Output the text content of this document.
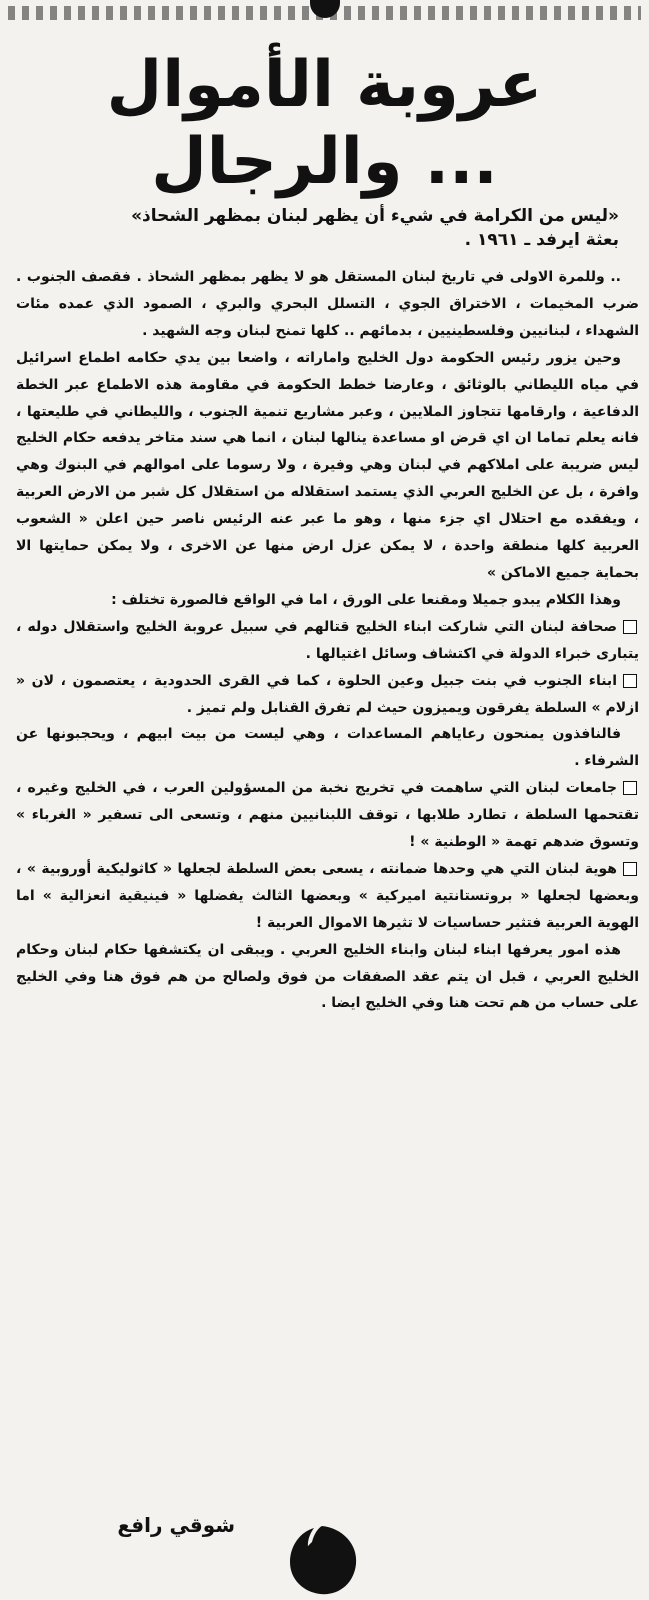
عروبة الأموال
... والرجال
«ليس من الكرامة في شيء أن يظهر لبنان بمظهر الشحاذ»
بعثة ايرفد ـ ١٩٦١ .

.. وللمرة الاولى في تاريخ لبنان المستقل هو لا يظهر بمظهر الشحاذ . فقصف الجنوب . ضرب المخيمات ، الاختراق الجوي ، التسلل البحري والبري ، الصمود الذي عمده مئات الشهداء ، لبنانيين وفلسطينيين ، بدمائهم .. كلها تمنح لبنان وجه الشهيد .

وحين يزور رئيس الحكومة دول الخليج واماراته ، واضعا بين يدي حكامه اطماع اسرائيل في مياه الليطاني بالوثائق ، وعارضا خطط الحكومة في مقاومة هذه الاطماع عبر الخطة الدفاعية ، وارقامها تتجاوز الملايين ، وعبر مشاريع تنمية الجنوب ، والليطاني في طليعتها ، فانه يعلم تماما ان اي قرض او مساعدة ينالها لبنان ، انما هي سند متاخر يدفعه حكام الخليج ليس ضريبة على املاكهم في لبنان وهي وفيرة ، ولا رسوما على اموالهم في البنوك وهي وافرة ، بل عن الخليج العربي الذي يستمد استقلاله من استقلال كل شبر من الارض العربية ، ويفقده مع احتلال اي جزء منها ، وهو ما عبر عنه الرئيس ناصر حين اعلن « الشعوب العربية كلها منطقة واحدة ، لا يمكن عزل ارض منها عن الاخرى ، ولا يمكن حمايتها الا بحماية جميع الاماكن »

وهذا الكلام يبدو جميلا ومقنعا على الورق ، اما في الواقع فالصورة تختلف :

صحافة لبنان التي شاركت ابناء الخليج قتالهم في سبيل عروبة الخليج واستقلال دوله ، يتبارى خبراء الدولة في اكتشاف وسائل اغتيالها .

ابناء الجنوب في بنت جبيل وعين الحلوة ، كما في القرى الحدودية ، يعتصمون ، لان « ازلام » السلطة يفرقون ويميزون حيث لم تفرق القنابل ولم تميز .

فالنافذون يمنحون رعاياهم المساعدات ، وهي ليست من بيت ابيهم ، ويحجبونها عن الشرفاء .

جامعات لبنان التي ساهمت في تخريج نخبة من المسؤولين العرب ، في الخليج وغيره ، تقتحمها السلطة ، تطارد طلابها ، توقف اللبنانيين منهم ، وتسعى الى تسفير « الغرباء » وتسوق ضدهم تهمة « الوطنية » !

هوية لبنان التي هي وحدها ضمانته ، يسعى بعض السلطة لجعلها « كاثوليكية أوروبية » ، وبعضها لجعلها « بروتستانتية اميركية » وبعضها الثالث يفضلها « فينيقية انعزالية » اما الهوية العربية فتثير حساسيات لا تثيرها الاموال العربية !

هذه امور يعرفها ابناء لبنان وابناء الخليج العربي . ويبقى ان يكتشفها حكام لبنان وحكام الخليج العربي ، قبل ان يتم عقد الصفقات من فوق ولصالح من هم فوق هنا وفي الخليج على حساب من هم تحت هنا وفي الخليج ايضا .

شوقي رافع
